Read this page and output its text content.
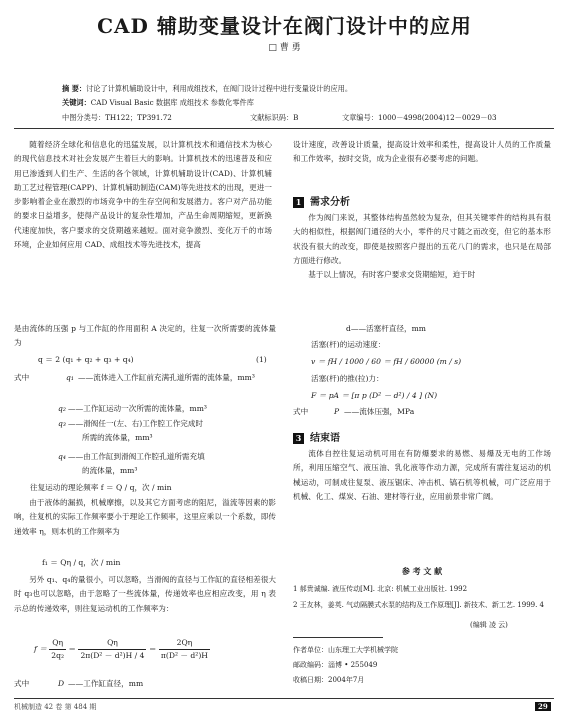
CAD 辅助变量设计在阀门设计中的应用
□ 曹 勇
摘 要：讨论了计算机辅助设计中，利用成组技术，在阀门设计过程中进行变量设计的应用。
关键词：CAD Visual Basic 数据库 成组技术 参数化零件库
中图分类号：TH122；TP391.72	文献标识码：B	文章编号：1000－4998(2004)12－0029－03

随着经济全球化和信息化的迅猛发展，以计算机技术和通信技术为核心的现代信息技术对社会发展产生着巨大的影响。计算机技术的迅速普及和应用已渗透到人们生产、生活的各个领域，计算机辅助设计(CAD)、计算机辅助工艺过程管理(CAPP)、计算机辅助制造(CAM)等先进技术的出现，更进一步影响着企业在激烈的市场竞争中的生存空间和发展潜力。客户对产品功能的要求日益增多，使得产品设计的复杂性增加，产品生命周期缩短，更新换代速度加快，客户要求的交货期越来越短。面对竞争激烈、变化万千的市场环境，企业如何应用 CAD、成组技术等先进技术，提高

设计速度，改善设计质量，提高设计效率和柔性，提高设计人员的工作质量和工作效率，按时交货，成为企业很有必要考虑的问题。

1 需求分析

作为阀门来说，其整体结构虽然较为复杂，但其关键零件的结构具有很大的相似性，根据阀门通径的大小，零件的尺寸随之而改变，但它的基本形状没有很大的改变，即使是按照客户提出的五花八门的需求，也只是在局部方面进行修改。

基于以上情况，有时客户要求交货期缩短，迫于时

是由流体的压强 p 与工作缸的作用面积 A 决定的，往复一次所需要的流体量为

q ＝ 2 (q₁ + q₂ + q₃ + q₄)	(1)
式中	q₁ ——流体进入工作缸前充满孔道所需的流体量，mm³

q₂ ——工作缸运动一次所需的流体量，mm³
q₃ ——滑阀任一(左、右)工作腔工作完成时
所需的流体量，mm³
q₄ ——由工作缸到滑阀工作腔孔道所需充填
的流体量，mm³
往复运动的理论频率 f ＝ Q / q，次 / min

由于液体的漏损，机械摩擦，以及其它方面考虑的阻尼，溢流等因素的影响，往复机的实际工作频率要小于理论工作频率，这里应乘以一个系数，即传递效率 η，则本机的工作频率为

f₁ ＝ Qη / q，次 / min

另外 q₁、q₄的量很小，可以忽略，当滑阀的直径与工作缸的直径相差很大时 q₃也可以忽略，由于忽略了一些流体量，传递效率也应相应改变，用 η 表示总的传递效率，则往复运动机的工作频率为：

$f = \frac{Q\eta}{\text{2q₂}} = \frac{Q\eta}{\text{2π(D² － d²)H / 4}} = \frac{2Q\eta}{\text{π(D² － d²)H}}$
式中	D ——工作缸直径，mm
d——活塞杆直径，mm
活塞(杆)的运动速度：
v ＝ fH / 1000 / 60 ＝ fH / 60000 (m / s)
活塞(杆)的推(拉)力：
F ＝ pA ＝ [π p (D² － d²) / 4 ] (N)
式中	P ——流体压强，MPa
3 结束语

流体自控往复运动机可用在有防爆要求的易燃、易爆及无电的工作场所，利用压缩空气、液压油、乳化液等作动力源，完成所有需往复运动的机械运动，可制成往复泵、液压锯床、冲击机、镐石机等机械，可广泛应用于机械、化工、煤炭、石油、建材等行业，应用前景非常广阔。

参 考 文 献
1 郝贵诚编. 液压传动[M]. 北京: 机械工业出版社. 1992
2 王友林，姜英. 气动隔膜式水泵的结构及工作原理[J]. 新技术、新工艺. 1999. 4
(编辑 凌 云)
作者单位：山东理工大学机械学院
邮政编码：淄博 • 255049
收稿日期：2004年7月
机械制造 42 卷 第 484 期	29
